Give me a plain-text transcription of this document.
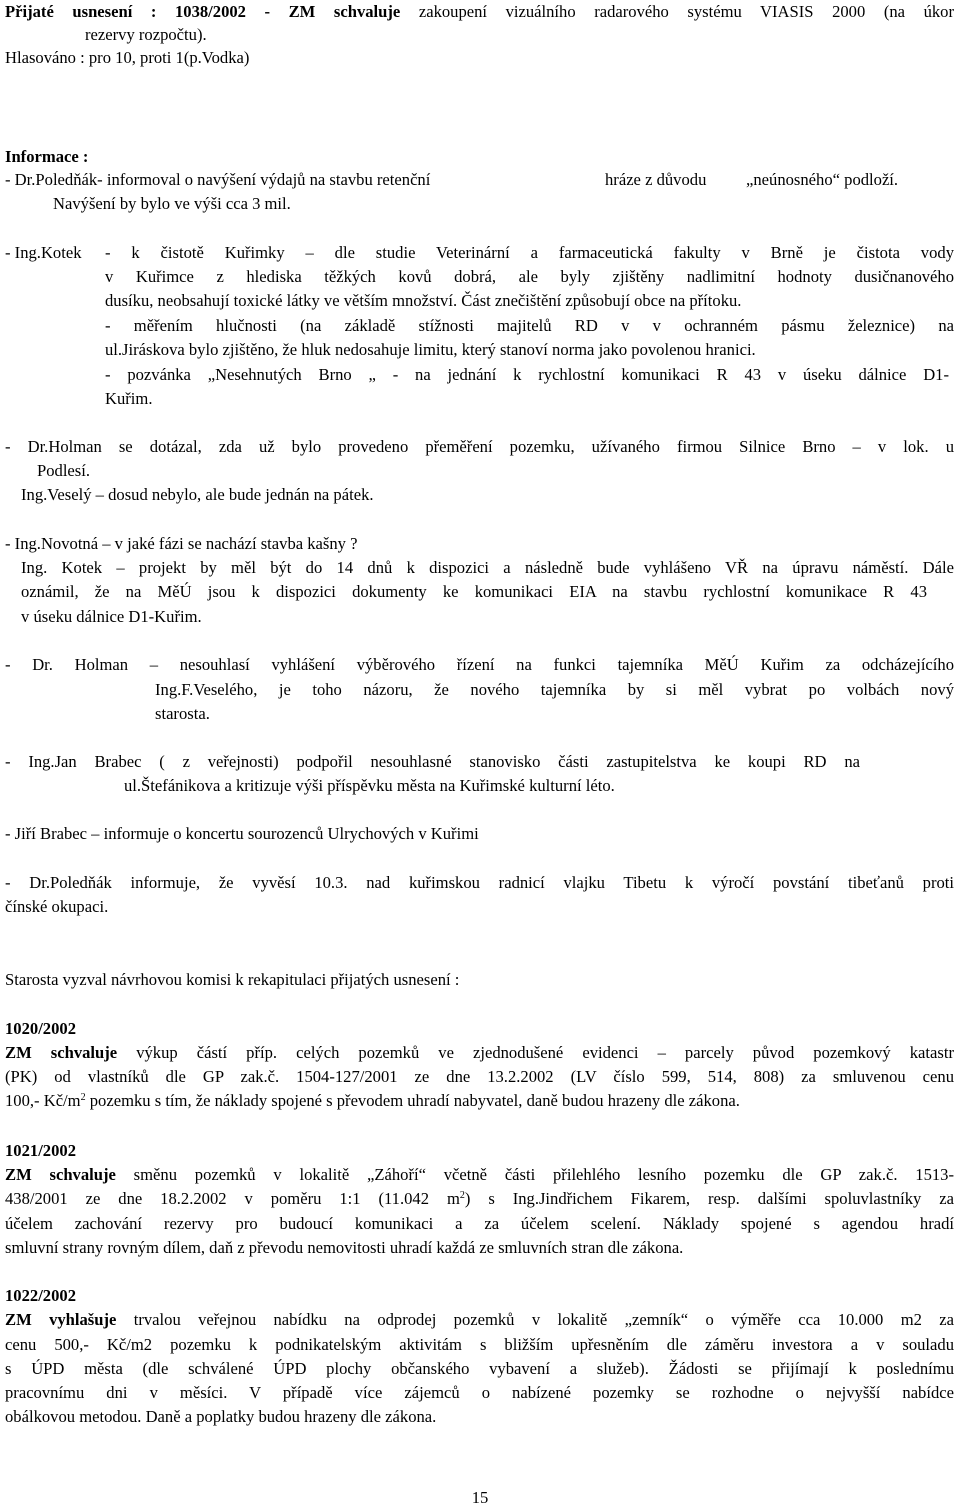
Přijaté usnesení : 1038/2002 - ZM schvaluje zakoupení vizuálního radarového systému VIASIS 2000 (na úkor
rezervy rozpočtu).
Hlasováno : pro 10, proti 1(p.Vodka)
Informace :
- Dr.Poledňák- informoval o navýšení výdajů na stavbu retenční	hráze z důvodu „neúnosného“ podloží.
Navýšení by bylo ve výši cca 3 mil.
- Ing.Kotek - k čistotě Kuřimky – dle studie Veterinární a farmaceutická fakulty v Brně je čistota vody
v Kuřimce z hlediska těžkých kovů dobrá, ale byly zjištěny nadlimitní hodnoty dusičnanového
dusíku, neobsahují toxické látky ve větším množství. Část znečištění způsobují obce na přítoku.
- měřením hlučnosti (na základě stížnosti majitelů RD v v ochranném pásmu železnice) na
ul.Jiráskova bylo zjištěno, že hluk nedosahuje limitu, který stanoví norma jako povolenou hranici.
- pozvánka „Nesehnutých Brno „ - na jednání k rychlostní komunikaci R 43 v úseku dálnice D1-
Kuřim.
- Dr.Holman se dotázal, zda už bylo provedeno přeměření pozemku, užívaného firmou Silnice Brno – v lok. u
Podlesí.
Ing.Veselý – dosud nebylo, ale bude jednán na pátek.
- Ing.Novotná – v jaké fázi se nachází stavba kašny ?
Ing. Kotek – projekt by měl být do 14 dnů k dispozici a následně bude vyhlášeno VŘ na úpravu náměstí. Dále
oznámil, že na MěÚ jsou k dispozici dokumenty ke komunikaci EIA na stavbu rychlostní komunikace R 43
v úseku dálnice D1-Kuřim.
- Dr. Holman – nesouhlasí vyhlášení výběrového řízení na funkci tajemníka MěÚ Kuřim za odcházejícího
Ing.F.Veselého, je toho názoru, že nového tajemníka by si měl vybrat po volbách nový
starosta.
- Ing.Jan Brabec ( z veřejnosti) podpořil nesouhlasné stanovisko části zastupitelstva ke koupi RD na
ul.Štefánikova a kritizuje výši příspěvku města na Kuřimské kulturní léto.
- Jiří Brabec – informuje o koncertu sourozenců Ulrychových v Kuřimi
- Dr.Poledňák informuje, že vyvěsí 10.3. nad kuřimskou radnicí vlajku Tibetu k výročí povstání tibeťanů proti
čínské okupaci.
Starosta vyzval návrhovou komisi k rekapitulaci přijatých usnesení :
1020/2002
ZM schvaluje výkup částí příp. celých pozemků ve zjednodušené evidenci – parcely původ pozemkový katastr
(PK) od vlastníků dle GP zak.č. 1504-127/2001 ze dne 13.2.2002 (LV číslo 599, 514, 808) za smluvenou cenu
100,- $Kč/m^2$ pozemku s tím, že náklady spojené s převodem uhradí nabyvatel, daně budou hrazeny dle zákona.
1021/2002
ZM schvaluje směnu pozemků v lokalitě „Záhoří“ včetně části přilehlého lesního pozemku dle GP zak.č. 1513-
438/2001 ze dne 18.2.2002 v poměru 1:1 (11.042 $m^2$) s Ing.Jindřichem Fikarem, resp. dalšími spoluvlastníky za
účelem zachování rezervy pro budoucí komunikaci a za účelem scelení. Náklady spojené s agendou hradí
smluvní strany rovným dílem, daň z převodu nemovitosti uhradí každá ze smluvních stran dle zákona.
1022/2002
ZM vyhlašuje trvalou veřejnou nabídku na odprodej pozemků v lokalitě „zemník“ o výměře cca 10.000 m2 za
cenu 500,- Kč/m2 pozemku k podnikatelským aktivitám s bližším upřesněním dle záměru investora a v souladu
s ÚPD města (dle schválené ÚPD plochy občanského vybavení a služeb). Žádosti se přijímají k poslednímu
pracovnímu dni v měsíci. V případě více zájemců o nabízené pozemky se rozhodne o nejvyšší nabídce
obálkovou metodou. Daně a poplatky budou hrazeny dle zákona.
15
